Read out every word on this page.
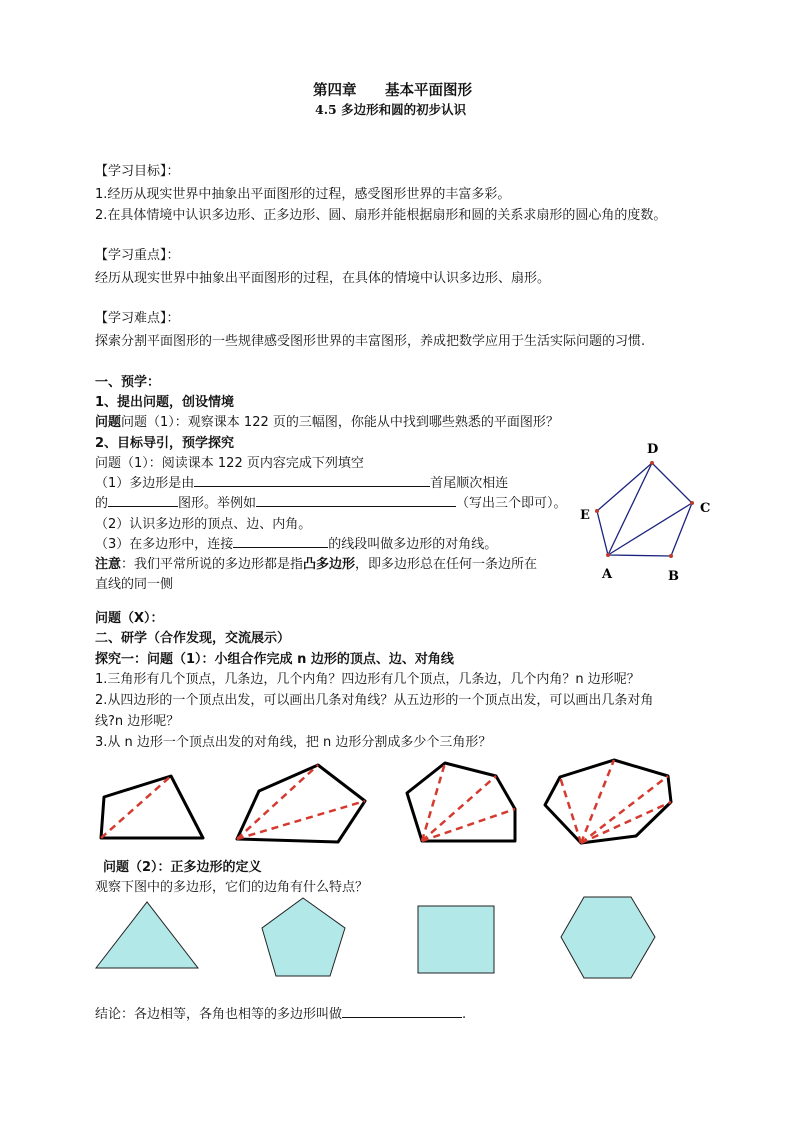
第四章 基本平面图形
4.5 多边形和圆的初步认识
【学习目标】：
1.经历从现实世界中抽象出平面图形的过程，感受图形世界的丰富多彩。
2.在具体情境中认识多边形、正多边形、圆、扇形并能根据扇形和圆的关系求扇形的圆心角的度数。
【学习重点】：
经历从现实世界中抽象出平面图形的过程，在具体的情境中认识多边形、扇形。
【学习难点】：
探索分割平面图形的一些规律感受图形世界的丰富图形，养成把数学应用于生活实际问题的习惯.
一、预学：
1、提出问题，创设情境
问题问题（1）：观察课本 122 页的三幅图，你能从中找到哪些熟悉的平面图形？
2、目标导引，预学探究
问题（1）：阅读课本 122 页内容完成下列填空
（1）多边形是由	首尾顺次相连
的	图形。举例如	（写出三个即可）。
（2）认识多边形的顶点、边、内角。
（3）在多边形中，连接	的线段叫做多边形的对角线。
注意：我们平常所说的多边形都是指凸多边形，即多边形总在任何一条边所在
直线的同一侧
A	B
C
D
E
问题（X）：
二、研学（合作发现，交流展示）
探究一：问题（1）：小组合作完成 n 边形的顶点、边、对角线
1.三角形有几个顶点，几条边，几个内角？四边形有几个顶点，几条边，几个内角？n 边形呢？
2.从四边形的一个顶点出发，可以画出几条对角线？从五边形的一个顶点出发，可以画出几条对角
线?n 边形呢？
3.从 n 边形一个顶点出发的对角线，把 n 边形分割成多少个三角形？
问题（2）：正多边形的定义
观察下图中的多边形，它们的边角有什么特点？
结论：各边相等，各角也相等的多边形叫做	.
